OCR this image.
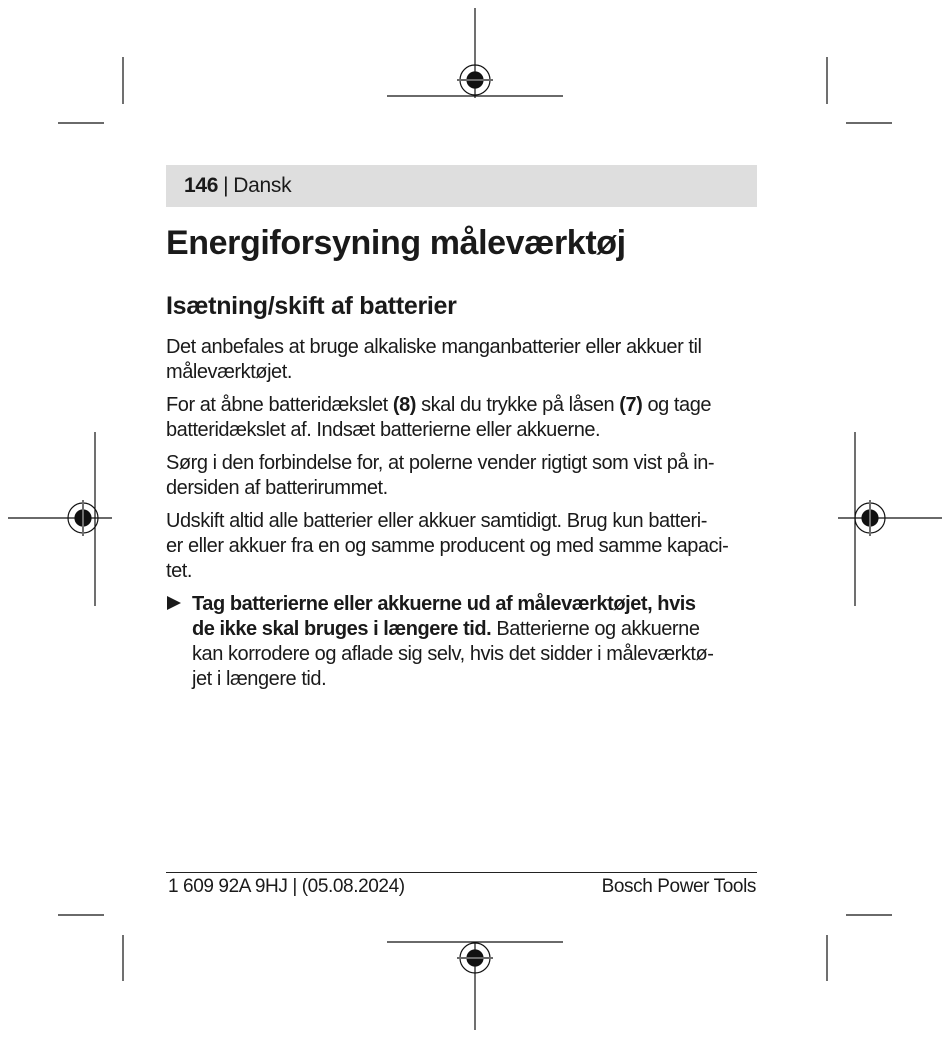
146 | Dansk
Energiforsyning måleværktøj
Isætning/skift af batterier

Det anbefales at bruge alkaliske manganbatterier eller akkuer til
måleværktøjet.

For at åbne batteridækslet (8) skal du trykke på låsen (7) og tage
batteridækslet af. Indsæt batterierne eller akkuerne.

Sørg i den forbindelse for, at polerne vender rigtigt som vist på in-
dersiden af batterirummet.

Udskift altid alle batterier eller akkuer samtidigt. Brug kun batteri-
er eller akkuer fra en og samme producent og med samme kapaci-
tet.

Tag batterierne eller akkuerne ud af måleværktøjet, hvis
de ikke skal bruges i længere tid. Batterierne og akkuerne
kan korrodere og aflade sig selv, hvis det sidder i måleværktø-
jet i længere tid.
1 609 92A 9HJ | (05.08.2024)	Bosch Power Tools
